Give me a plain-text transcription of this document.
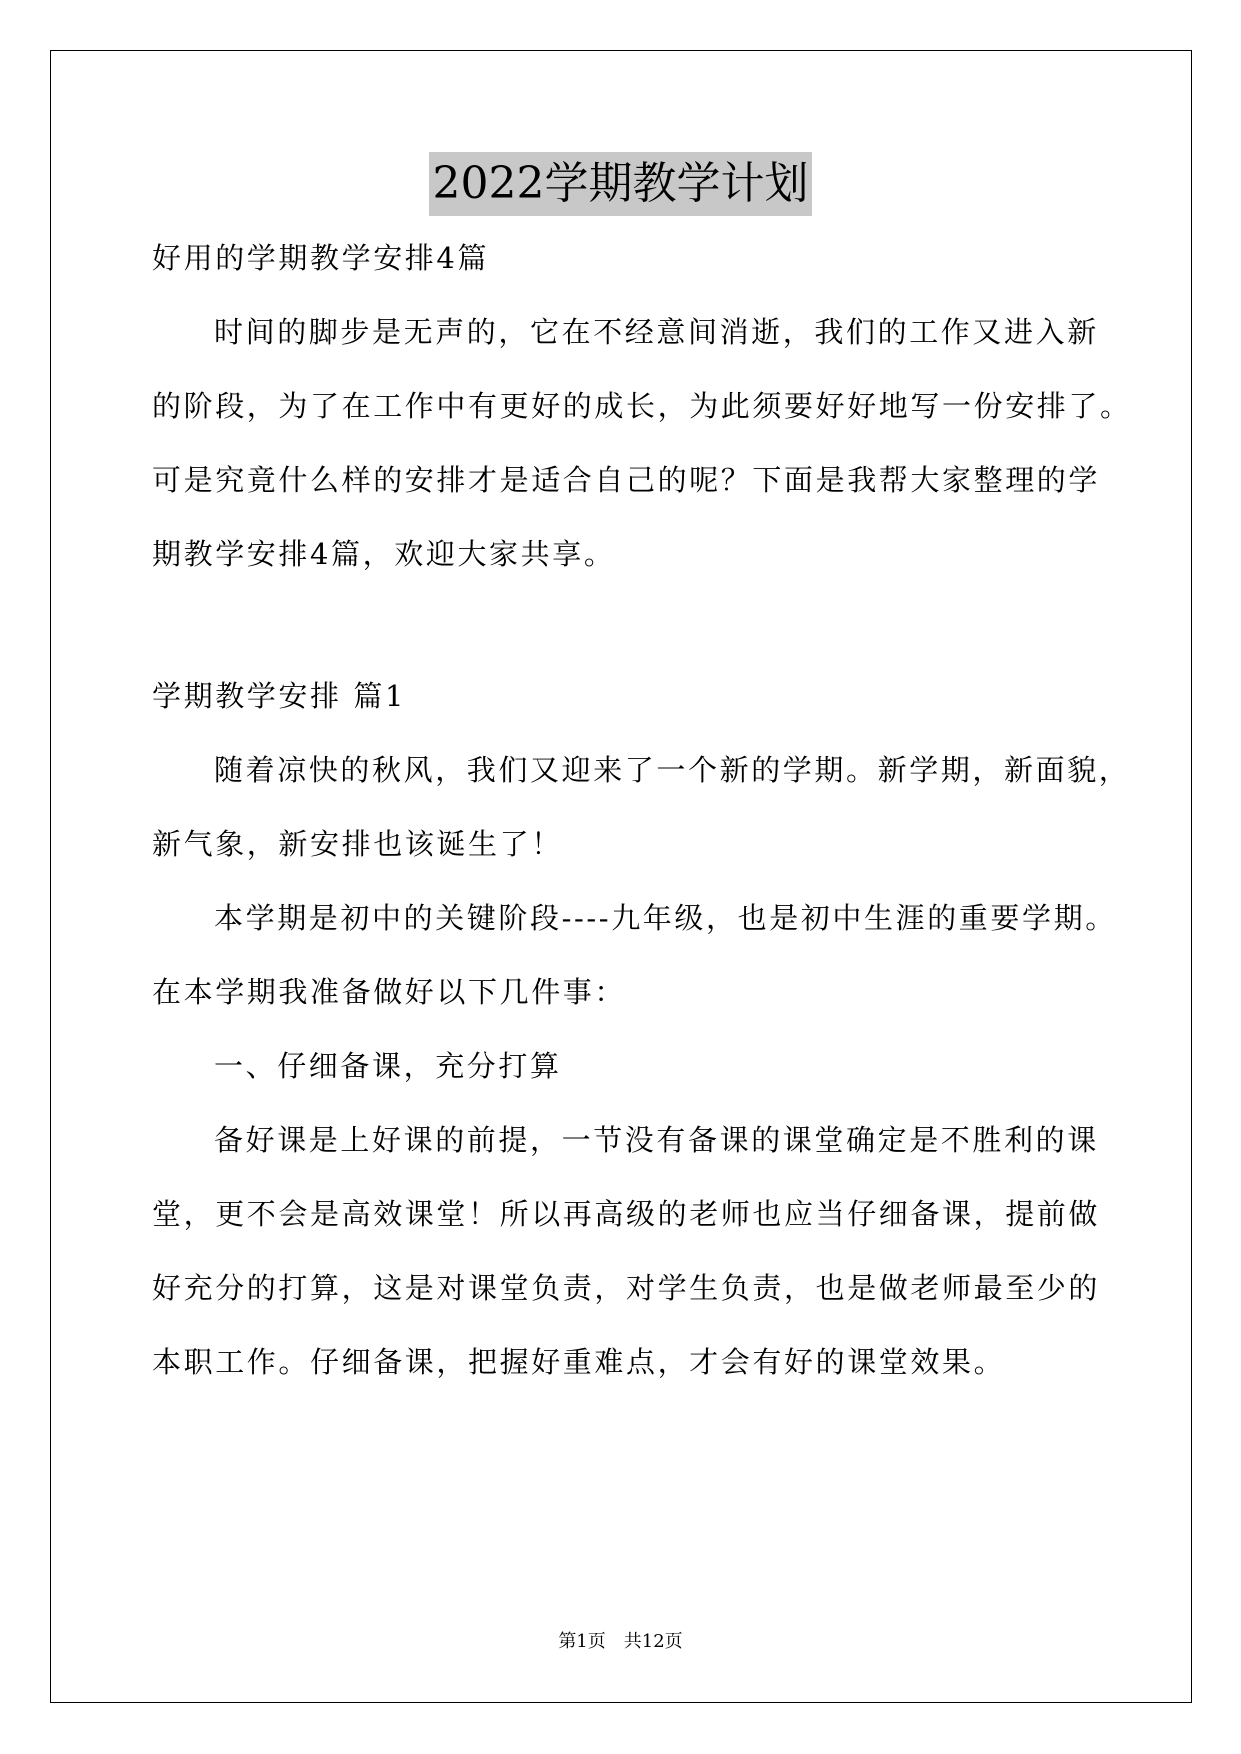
2022学期教学计划
好用的学期教学安排4篇
时间的脚步是无声的，它在不经意间消逝，我们的工作又进入新
的阶段，为了在工作中有更好的成长，为此须要好好地写一份安排了。
可是究竟什么样的安排才是适合自己的呢？下面是我帮大家整理的学
期教学安排4篇，欢迎大家共享。
学期教学安排 篇1
随着凉快的秋风，我们又迎来了一个新的学期。新学期，新面貌，
新气象，新安排也该诞生了！
本学期是初中的关键阶段----九年级，也是初中生涯的重要学期。
在本学期我准备做好以下几件事：
一、仔细备课，充分打算
备好课是上好课的前提，一节没有备课的课堂确定是不胜利的课
堂，更不会是高效课堂！所以再高级的老师也应当仔细备课，提前做
好充分的打算，这是对课堂负责，对学生负责，也是做老师最至少的
本职工作。仔细备课，把握好重难点，才会有好的课堂效果。
第1页　共12页
